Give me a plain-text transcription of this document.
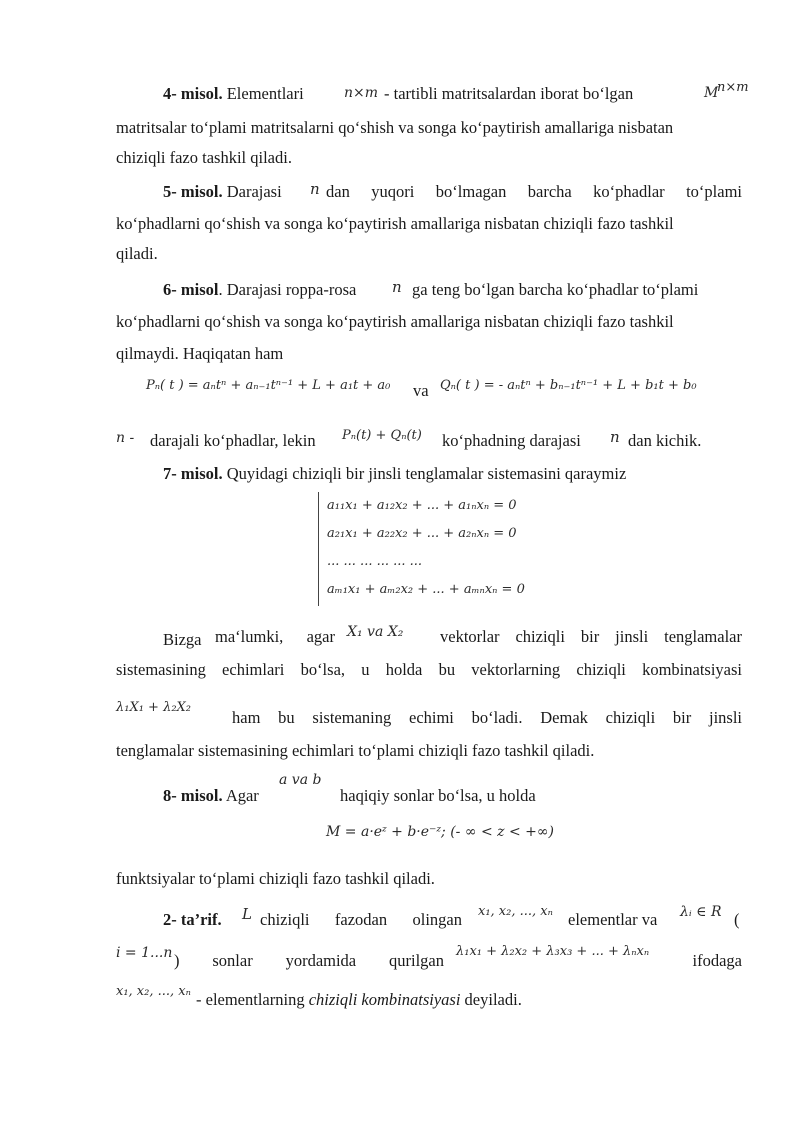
4- misol. Elementlari	n×m - tartibli matritsalardan iborat bo‘lgan	M
n×m
matritsalar to‘plami matritsalarni qo‘shish va songa ko‘paytirish amallariga nisbatan
chiziqli fazo tashkil qiladi.
5- misol. Darajasi	n dan yuqori bo‘lmagan barcha ko‘phadlar to‘plami
ko‘phadlarni qo‘shish va songa ko‘paytirish amallariga nisbatan chiziqli fazo tashkil
qiladi.
6- misol. Darajasi roppa-rosa	n ga teng bo‘lgan barcha ko‘phadlar to‘plami
ko‘phadlarni qo‘shish va songa ko‘paytirish amallariga nisbatan chiziqli fazo tashkil
qilmaydi. Haqiqatan ham
Pₙ( t ) = aₙtⁿ + aₙ₋₁tⁿ⁻¹ + L + a₁t + a₀ va Qₙ( t ) = - aₙtⁿ + bₙ₋₁tⁿ⁻¹ + L + b₁t + b₀
n - darajali ko‘phadlar, lekin	Pₙ(t) + Qₙ(t) ko‘phadning darajasi	n dan kichik.
7- misol. Quyidagi chiziqli bir jinsli tenglamalar sistemasini qaraymiz
a₁₁x₁ + a₁₂x₂ + ... + a₁ₙxₙ = 0
a₂₁x₁ + a₂₂x₂ + ... + a₂ₙxₙ = 0
... ... ... ... ... ...
aₘ₁x₁ + aₘ₂x₂ + ... + aₘₙxₙ = 0
Bizga ma‘lumki, agar X₁ va X₂ vektorlar chiziqli bir jinsli tenglamalar
sistemasining echimlari bo‘lsa, u holda bu vektorlarning chiziqli kombinatsiyasi
λ₁X₁ + λ₂X₂
ham bu sistemaning echimi bo‘ladi. Demak chiziqli bir jinsli
tenglamalar sistemasining echimlari to‘plami chiziqli fazo tashkil qiladi.
8- misol. Agar
a va b
haqiqiy sonlar bo‘lsa, u holda
M = a·eᶻ + b·e⁻ᶻ; (- ∞ < z < +∞)
funktsiyalar to‘plami chiziqli fazo tashkil qiladi.
2- ta’rif.	L chiziqli fazodan olingan x₁, x₂, ..., xₙ elementlar va	λᵢ ∈ R (
i = 1...n ) sonlar yordamida qurilgan λ₁x₁ + λ₂x₂ + λ₃x₃ + ... + λₙxₙ	ifodaga
x₁, x₂, ..., xₙ - elementlarning chiziqli kombinatsiyasi deyiladi.
